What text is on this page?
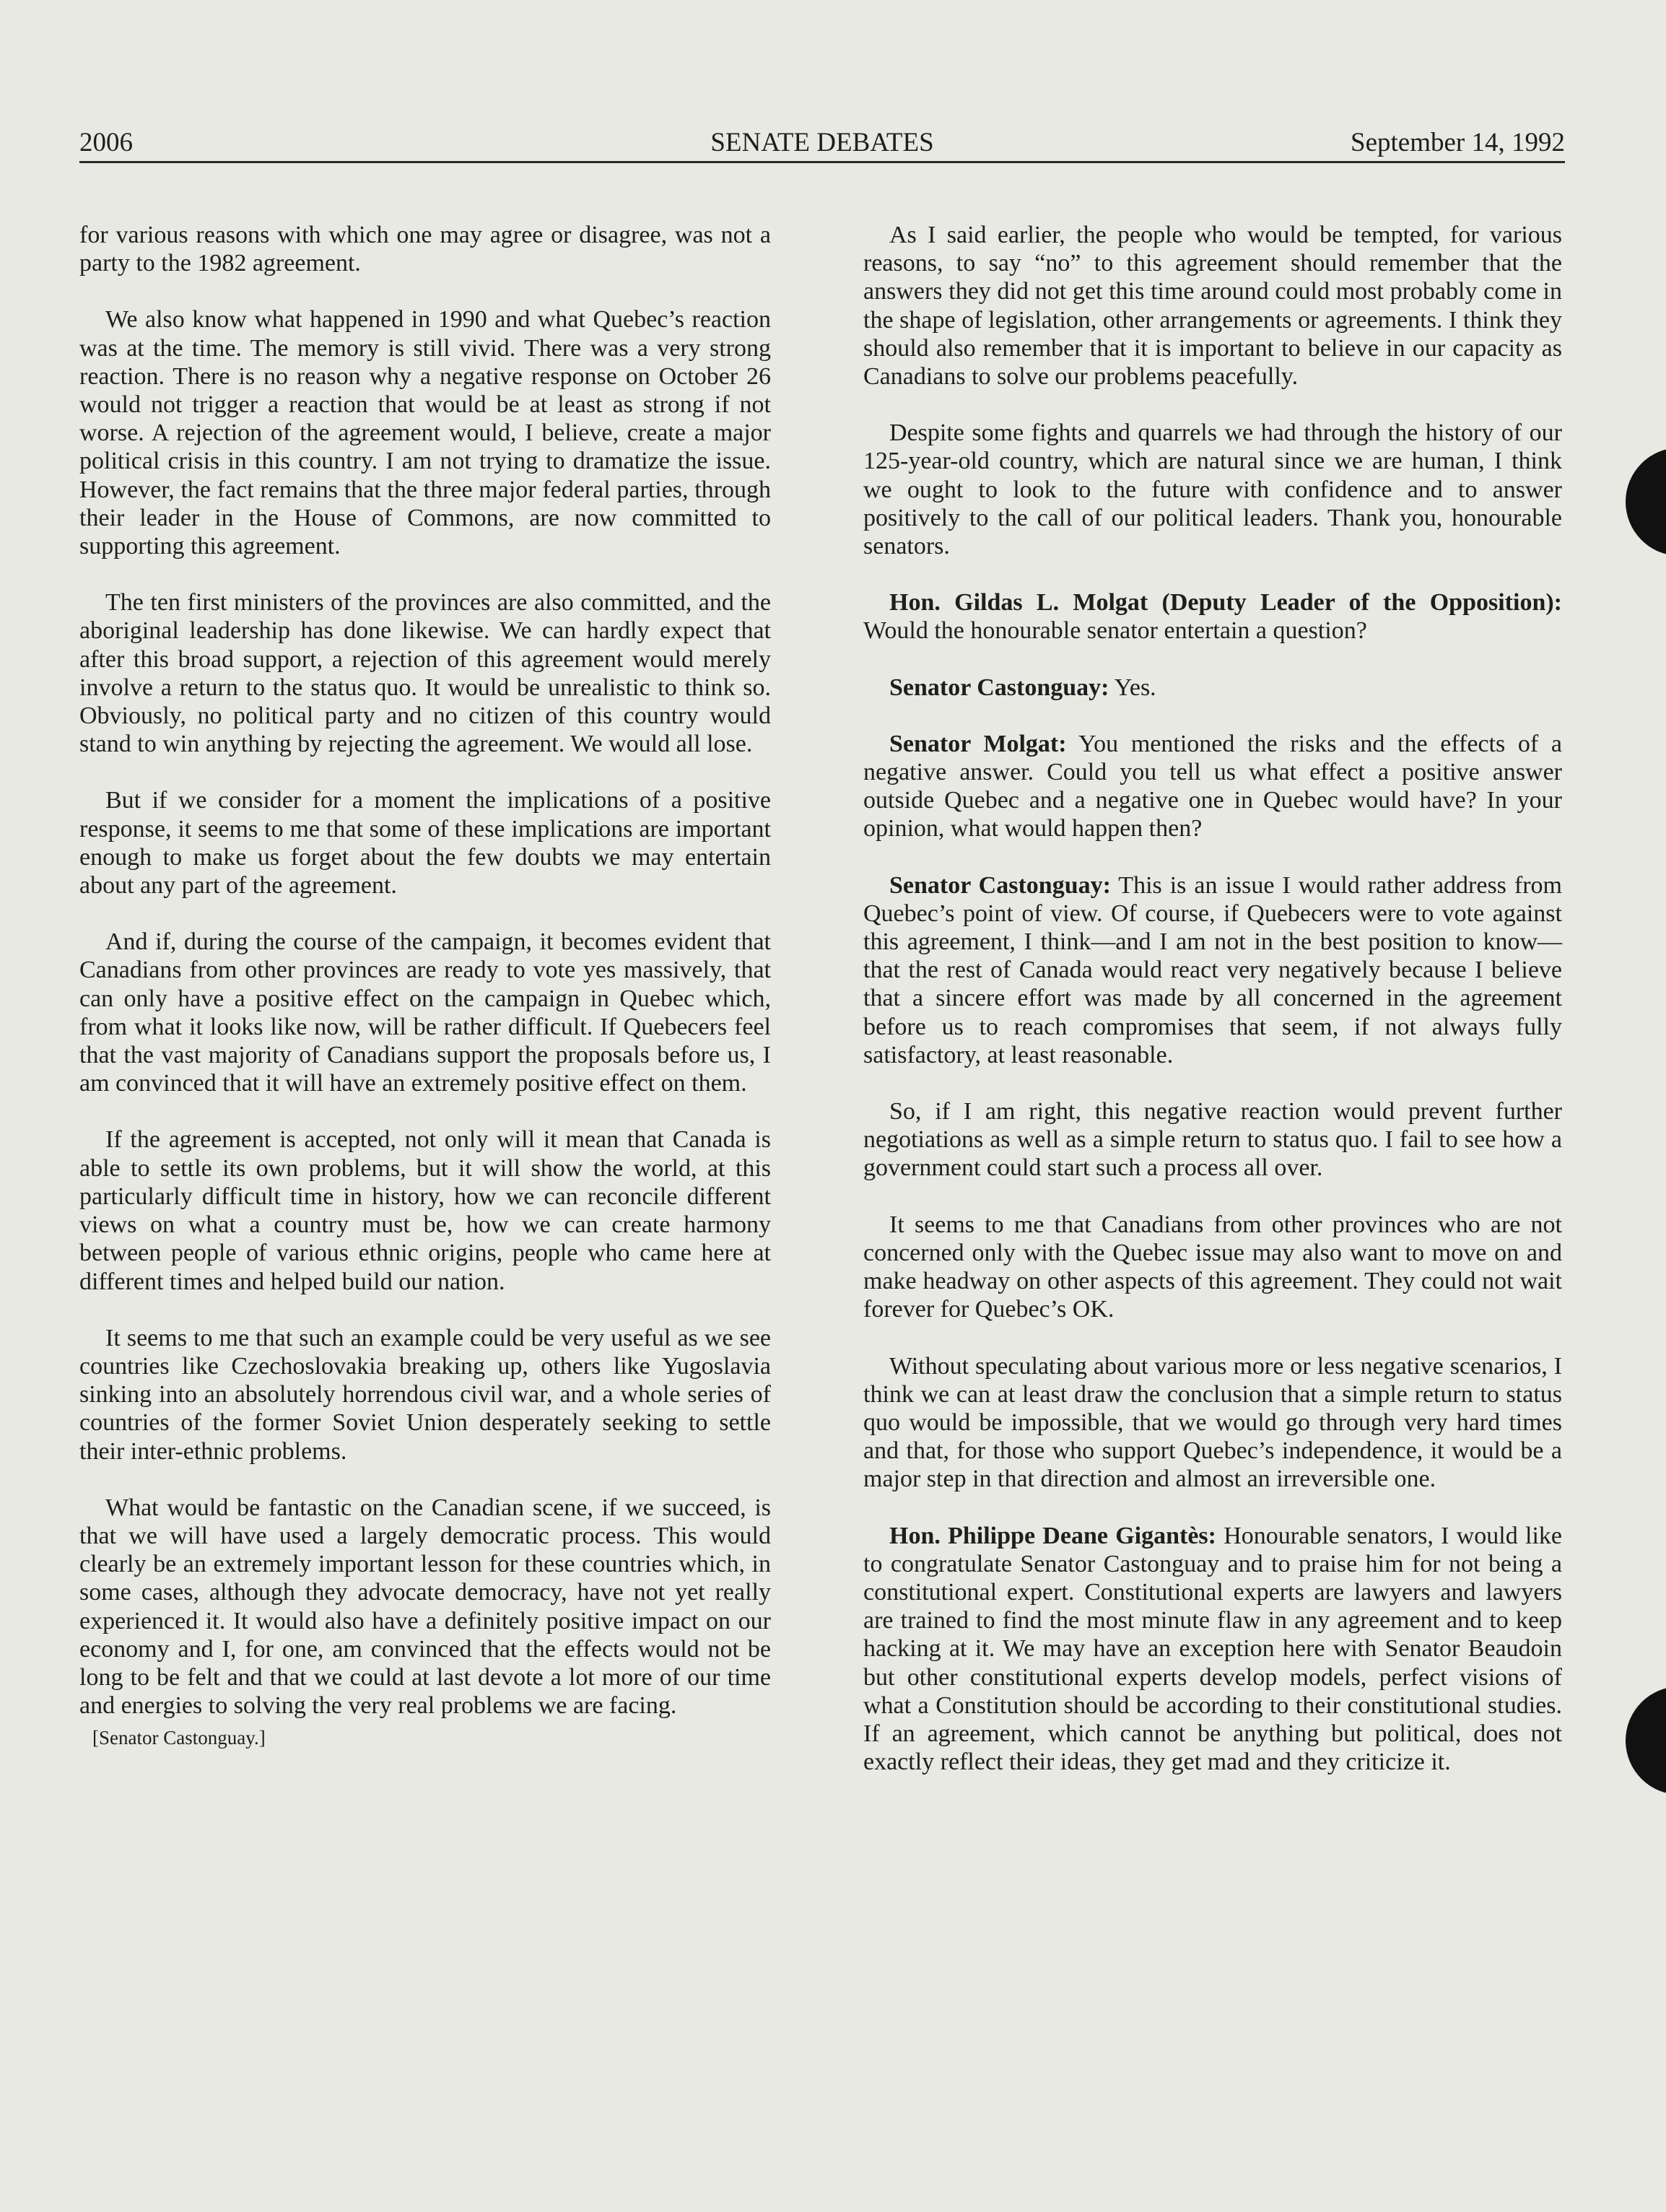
2006	SENATE DEBATES	September 14, 1992

for various reasons with which one may agree or disagree, was not a party to the 1982 agreement.

We also know what happened in 1990 and what Quebec’s reaction was at the time. The memory is still vivid. There was a very strong reaction. There is no reason why a negative response on October 26 would not trigger a reaction that would be at least as strong if not worse. A rejection of the agreement would, I believe, create a major political crisis in this country. I am not trying to dramatize the issue. However, the fact remains that the three major federal parties, through their leader in the House of Commons, are now committed to supporting this agreement.

The ten first ministers of the provinces are also committed, and the aboriginal leadership has done likewise. We can hardly expect that after this broad support, a rejection of this agreement would merely involve a return to the status quo. It would be unrealistic to think so. Obviously, no political party and no citizen of this country would stand to win anything by rejecting the agreement. We would all lose.

But if we consider for a moment the implications of a positive response, it seems to me that some of these implications are important enough to make us forget about the few doubts we may entertain about any part of the agreement.

And if, during the course of the campaign, it becomes evident that Canadians from other provinces are ready to vote yes massively, that can only have a positive effect on the campaign in Quebec which, from what it looks like now, will be rather difficult. If Quebecers feel that the vast majority of Canadians support the proposals before us, I am convinced that it will have an extremely positive effect on them.

If the agreement is accepted, not only will it mean that Canada is able to settle its own problems, but it will show the world, at this particularly difficult time in history, how we can reconcile different views on what a country must be, how we can create harmony between people of various ethnic origins, people who came here at different times and helped build our nation.

It seems to me that such an example could be very useful as we see countries like Czechoslovakia breaking up, others like Yugoslavia sinking into an absolutely horrendous civil war, and a whole series of countries of the former Soviet Union desperately seeking to settle their inter-ethnic problems.

What would be fantastic on the Canadian scene, if we succeed, is that we will have used a largely democratic process. This would clearly be an extremely important lesson for these countries which, in some cases, although they advocate democracy, have not yet really experienced it. It would also have a definitely positive impact on our economy and I, for one, am convinced that the effects would not be long to be felt and that we could at last devote a lot more of our time and energies to solving the very real problems we are facing.

[Senator Castonguay.]

As I said earlier, the people who would be tempted, for various reasons, to say “no” to this agreement should remember that the answers they did not get this time around could most probably come in the shape of legislation, other arrangements or agreements. I think they should also remember that it is important to believe in our capacity as Canadians to solve our problems peacefully.

Despite some fights and quarrels we had through the history of our 125-year-old country, which are natural since we are human, I think we ought to look to the future with confidence and to answer positively to the call of our political leaders. Thank you, honourable senators.

Hon. Gildas L. Molgat (Deputy Leader of the Opposition): Would the honourable senator entertain a question?

Senator Castonguay: Yes.

Senator Molgat: You mentioned the risks and the effects of a negative answer. Could you tell us what effect a positive answer outside Quebec and a negative one in Quebec would have? In your opinion, what would happen then?

Senator Castonguay: This is an issue I would rather address from Quebec’s point of view. Of course, if Quebecers were to vote against this agreement, I think—and I am not in the best position to know—that the rest of Canada would react very negatively because I believe that a sincere effort was made by all concerned in the agreement before us to reach compromises that seem, if not always fully satisfactory, at least reasonable.

So, if I am right, this negative reaction would prevent further negotiations as well as a simple return to status quo. I fail to see how a government could start such a process all over.

It seems to me that Canadians from other provinces who are not concerned only with the Quebec issue may also want to move on and make headway on other aspects of this agreement. They could not wait forever for Quebec’s OK.

Without speculating about various more or less negative scenarios, I think we can at least draw the conclusion that a simple return to status quo would be impossible, that we would go through very hard times and that, for those who support Quebec’s independence, it would be a major step in that direction and almost an irreversible one.

Hon. Philippe Deane Gigantès: Honourable senators, I would like to congratulate Senator Castonguay and to praise him for not being a constitutional expert. Constitutional experts are lawyers and lawyers are trained to find the most minute flaw in any agreement and to keep hacking at it. We may have an exception here with Senator Beaudoin but other constitutional experts develop models, perfect visions of what a Constitution should be according to their constitutional studies. If an agreement, which cannot be anything but political, does not exactly reflect their ideas, they get mad and they criticize it.
